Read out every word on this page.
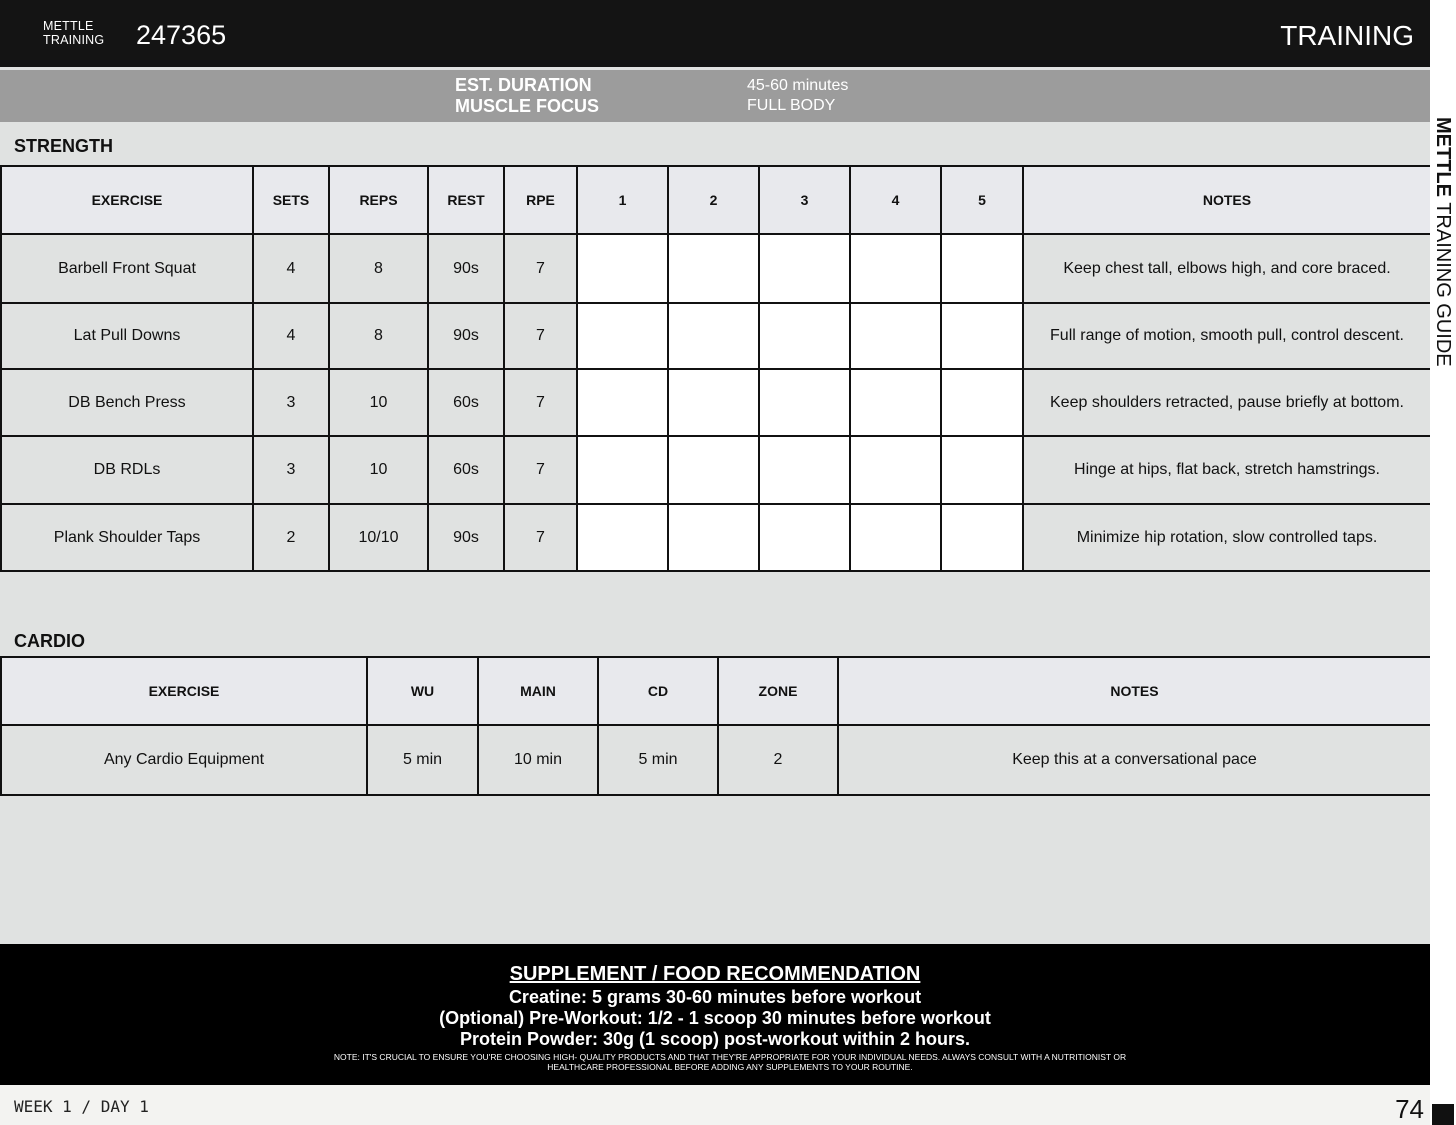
METTLE
TRAINING 247365	TRAINING
EST. DURATION	45-60 minutes
MUSCLE FOCUS	FULL BODY
STRENGTH
EXERCISE	SETS	REPS	REST	RPE	1	2	3	4	5	NOTES
Barbell Front Squat	4	8	90s	7						Keep chest tall, elbows high, and core braced.
Lat Pull Downs	4	8	90s	7						Full range of motion, smooth pull, control descent.
DB Bench Press	3	10	60s	7						Keep shoulders retracted, pause briefly at bottom.
DB RDLs	3	10	60s	7						Hinge at hips, flat back, stretch hamstrings.
Plank Shoulder Taps	2	10/10	90s	7						Minimize hip rotation, slow controlled taps.
CARDIO
EXERCISE	WU	MAIN	CD	ZONE	NOTES
Any Cardio Equipment	5 min	10 min	5 min	2	Keep this at a conversational pace
SUPPLEMENT / FOOD RECOMMENDATION
Creatine: 5 grams 30-60 minutes before workout
(Optional) Pre-Workout: 1/2 - 1 scoop 30 minutes before workout
Protein Powder: 30g (1 scoop) post-workout within 2 hours.
NOTE: IT'S CRUCIAL TO ENSURE YOU'RE CHOOSING HIGH- QUALITY PRODUCTS AND THAT THEY'RE APPROPRIATE FOR YOUR INDIVIDUAL NEEDS. ALWAYS CONSULT WITH A NUTRITIONIST OR HEALTHCARE PROFESSIONAL BEFORE ADDING ANY SUPPLEMENTS TO YOUR ROUTINE.
WEEK 1 / DAY 1	74
METTLE TRAINING GUIDE
